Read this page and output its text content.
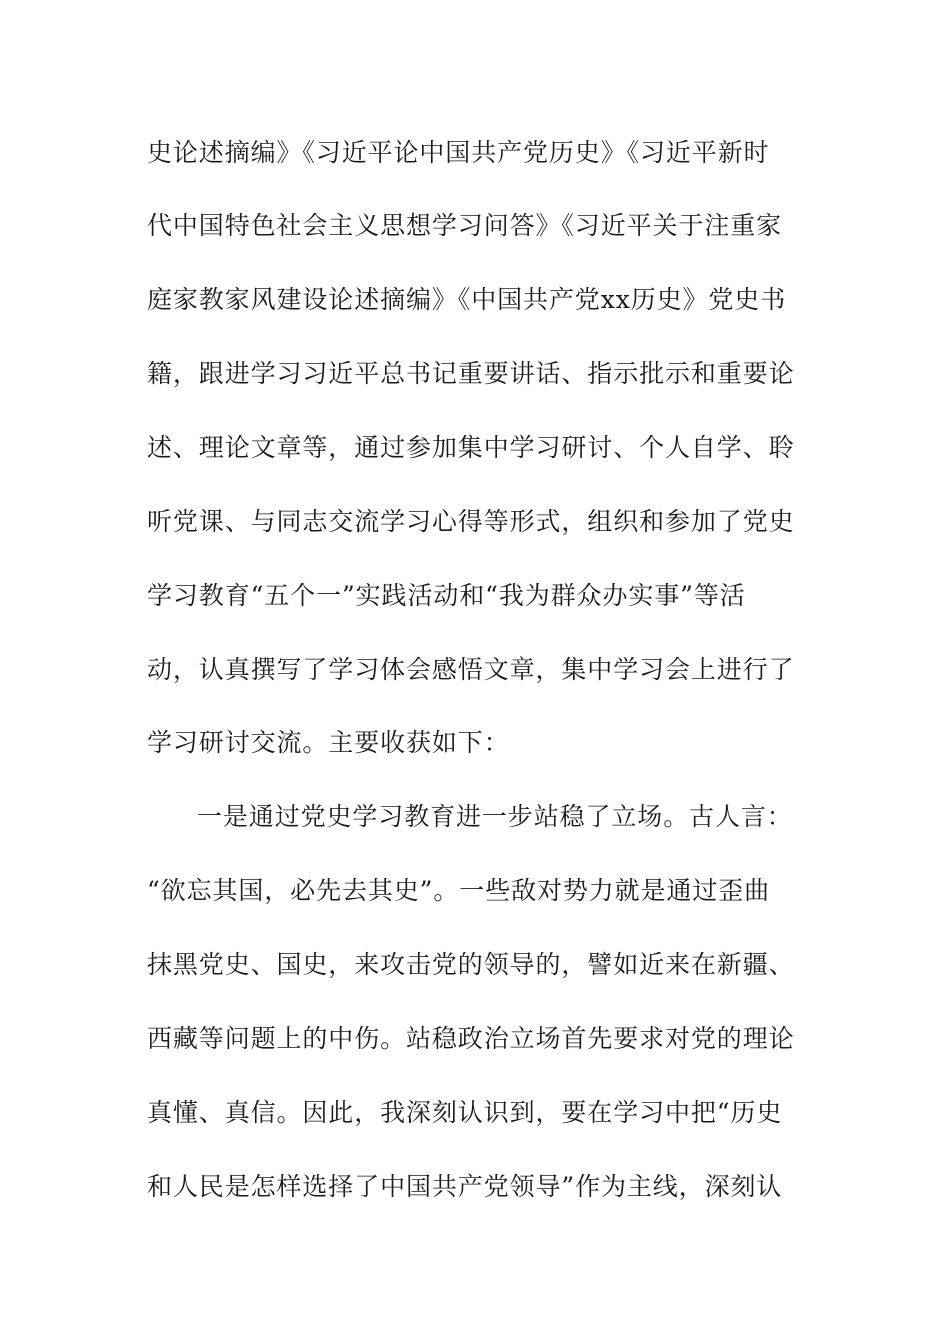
史论述摘编》《习近平论中国共产党历史》《习近平新时
代中国特色社会主义思想学习问答》《习近平关于注重家
庭家教家风建设论述摘编》《中国共产党xx历史》党史书
籍，跟进学习习近平总书记重要讲话、指示批示和重要论
述、理论文章等，通过参加集中学习研讨、个人自学、聆
听党课、与同志交流学习心得等形式，组织和参加了党史
学习教育“五个一”实践活动和“我为群众办实事”等活
动，认真撰写了学习体会感悟文章，集中学习会上进行了
学习研讨交流。主要收获如下：
一是通过党史学习教育进一步站稳了立场。古人言：
“欲忘其国，必先去其史”。一些敌对势力就是通过歪曲
抹黑党史、国史，来攻击党的领导的，譬如近来在新疆、
西藏等问题上的中伤。站稳政治立场首先要求对党的理论
真懂、真信。因此，我深刻认识到，要在学习中把“历史
和人民是怎样选择了中国共产党领导”作为主线，深刻认
